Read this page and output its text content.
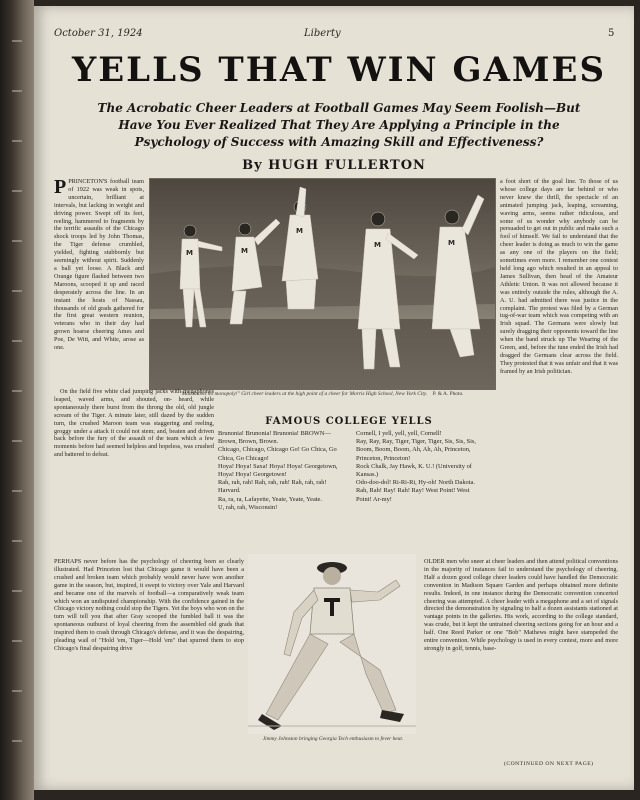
October 31, 1924	Liberty	5
YELLS THAT WIN GAMES

The Acrobatic Cheer Leaders at Football Games May Seem Foolish—But Have You Ever Realized That They Are Applying a Principle in the Psychology of Success with Amazing Skill and Effectiveness?

By HUGH FULLERTON

PPRINCETON'S football team of 1922 was weak in spots, uncertain, brilliant at intervals, but lacking in weight and driving power. Swept off its feet, reeling, hammered to fragments by the terrific assaults of the Chicago shock troops led by John Thomas, the Tiger defense crumbled, yielded, fighting stubbornly but seemingly without spirit. Suddenly a ball yet loose. A Black and Orange figure flashed between two Maroons, scooped it up and raced desperately across the line. In an instant the hosts of Nassau, thousands of old grads gathered for the first great western reunion, veterans who in their day had grown hoarse cheering Ames and Poe, De Witt, and White, arose as one.

M	M
M
M	M
"Man knows no monopoly!" Girl cheer leaders at the high point of a cheer for Morris High School, New York City. P. & A. Photo.

a foot short of the goal line. To those of us whose college days are far behind or who never knew the thrill, the spectacle of an animated jumping jack, leaping, screaming, waving arms, seems rather ridiculous, and some of us wonder why anybody can be persuaded to get out in public and make such a fool of himself. We fail to understand that the cheer leader is doing as much to win the game as any one of the players on the field; sometimes even more. I remember one contest held long ago which resulted in an appeal to James Sullivan, then head of the Amateur Athletic Union. It was not allowed because it was entirely outside the rules, although the A. A. U. had admitted there was justice in the complaint. The protest was filed by a German tug-of-war team which was competing with an Irish squad. The Germans were slowly but surely dragging their opponents toward the line when the band struck up The Wearing of the Green, and, before the tune ended the Irish had dragged the Germans clear across the field. They protested that it was unfair and that it was framed by an Irish politician.

On the field five white clad jumping jacks with megaphones leaped, waved arms, and shouted, on- heard, while spontaneously there burst from the throng the old, old jungle scream of the Tiger. A minute later, still dazed by the sudden turn, the crushed Maroon team was staggering and reeling, groggy under a attack it could not stem; and, beaten and driven back before the fury of the assault of the team which a few moments before had seemed helpless and hopeless, was crushed and battered to defeat.

FAMOUS COLLEGE YELLS
Brunonia! Brunonia! Brunonia! BROWN—Brown, Brown, Brown.
Chicago, Chicago, Chicago Go! Go Chica, Go Chica, Go Chicago!
Hoya! Hoya! Saxa! Hoya! Hoya! Georgetown, Hoya! Hoya! Georgetown!
Rah, rah, rah! Rah, rah, rah! Rah, rah, rah! Harvard.
Ra, ra, ra, Lafayette, Yeate, Yeate, Yeate.
U, rah, rah, Wisconsin!
Cornell, I yell, yell, yell, Cornell!
Ray, Ray, Ray, Tiger, Tiger, Tiger, Sis, Sis, Sis, Boom, Boom, Boom, Ah, Ah, Ah, Princeton, Princeton, Princeton!
Rock Chalk, Jay Hawk, K. U.! (University of Kansas.)
Odo-doo-dol! Ri-Ri-Ri, Hy-oh! North Dakota.
Rah, Rah! Ray! Rah! Ray! West Point! West Point! Ar-my!

PERHAPS never before has the psychology of cheering been so clearly illustrated. Had Princeton lost that Chicago game it would have been a crushed and broken team which probably would never have won another game in the season, but, inspired, it swept to victory over Yale and Harvard and became one of the marvels of football—a comparatively weak team which won an undisputed championship. With the confidence gained in the Chicago victory nothing could stop the Tigers. Yet the boys who won on the turn will tell you that after Gray scooped the fumbled ball it was the spontaneous outburst of loyal cheering from the assembled old grads that inspired them to crash through Chicago's defense, and it was the despairing, pleading wail of "Hold 'em, Tiger—Hold 'em" that spurred them to stop Chicago's final despairing drive

Jimmy Johnston bringing Georgia Tech enthusiasm to fever heat.

OLDER men who sneer at cheer leaders and then attend political conventions in the majority of instances fail to understand the psychology of cheering. Half a dozen good college cheer leaders could have handled the Democratic convention in Madison Square Garden and perhaps obtained more definite results. Indeed, in one instance during the Democratic convention concerted cheering was attempted. A cheer leader with a megaphone and a set of signals directed the demonstration by signaling to half a dozen assistants stationed at vantage points in the galleries. His work, according to the college standard, was crude, but it kept the untrained cheering sections going for an hour and a half. One Reed Parker or one "Bob" Mathews might have stampeded the entire convention. While psychology is used in every contest, more and more strongly in golf, tennis, base-

(CONTINUED ON NEXT PAGE)
